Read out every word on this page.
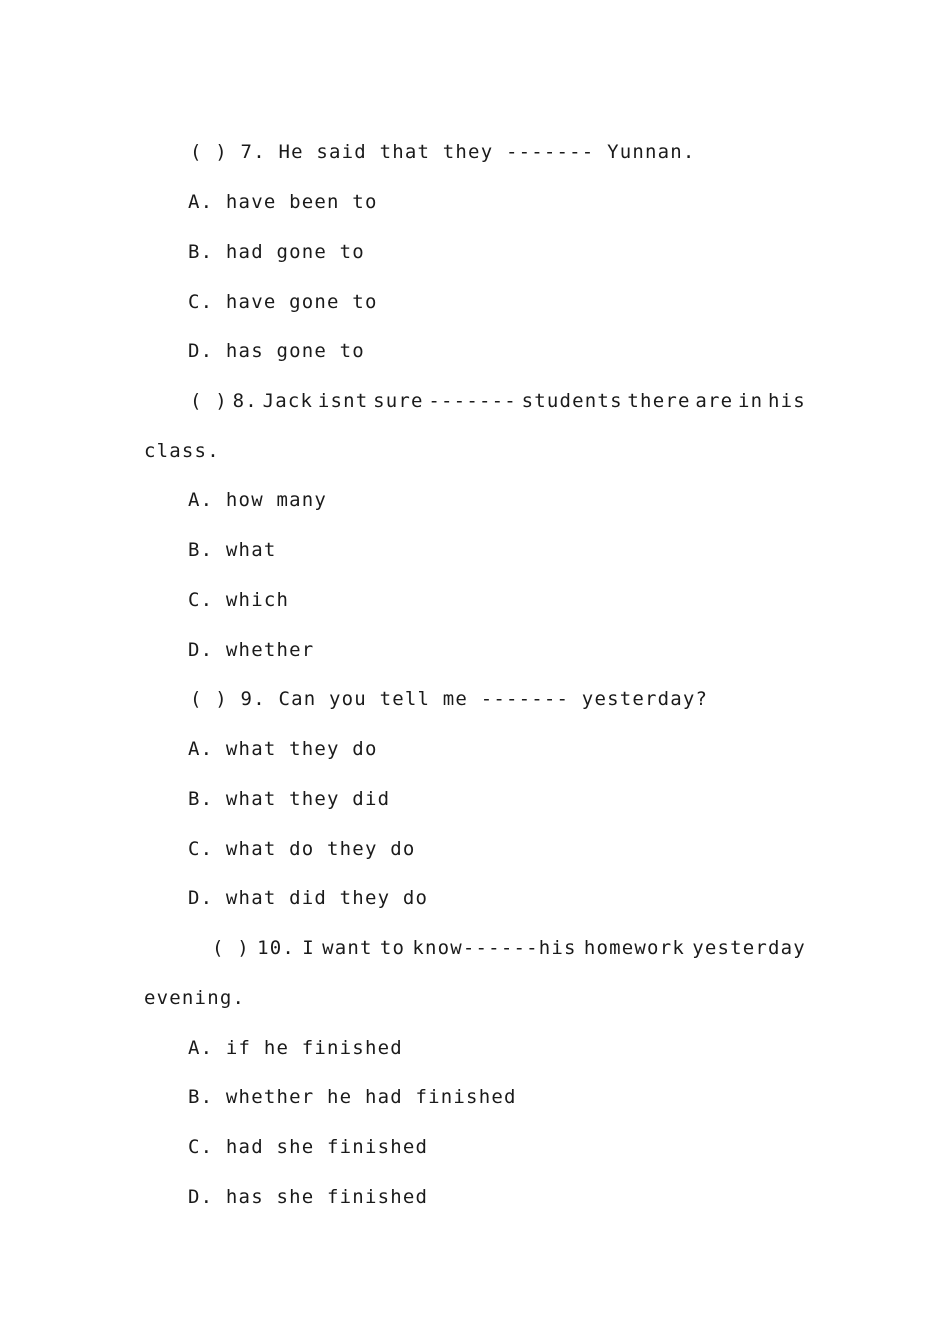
( ) 7. He said that they ------- Yunnan.
A. have been to
B. had gone to
C. have gone to
D. has gone to
( ) 8. Jack isnt sure ------- students there are in his
class.
A. how many
B. what
C. which
D. whether
( ) 9. Can you tell me ------- yesterday?
A. what they do
B. what they did
C. what do they do
D. what did they do
( ) 10. I want to know------his homework yesterday
evening.
A. if he finished
B. whether he had finished
C. had she finished
D. has she finished
